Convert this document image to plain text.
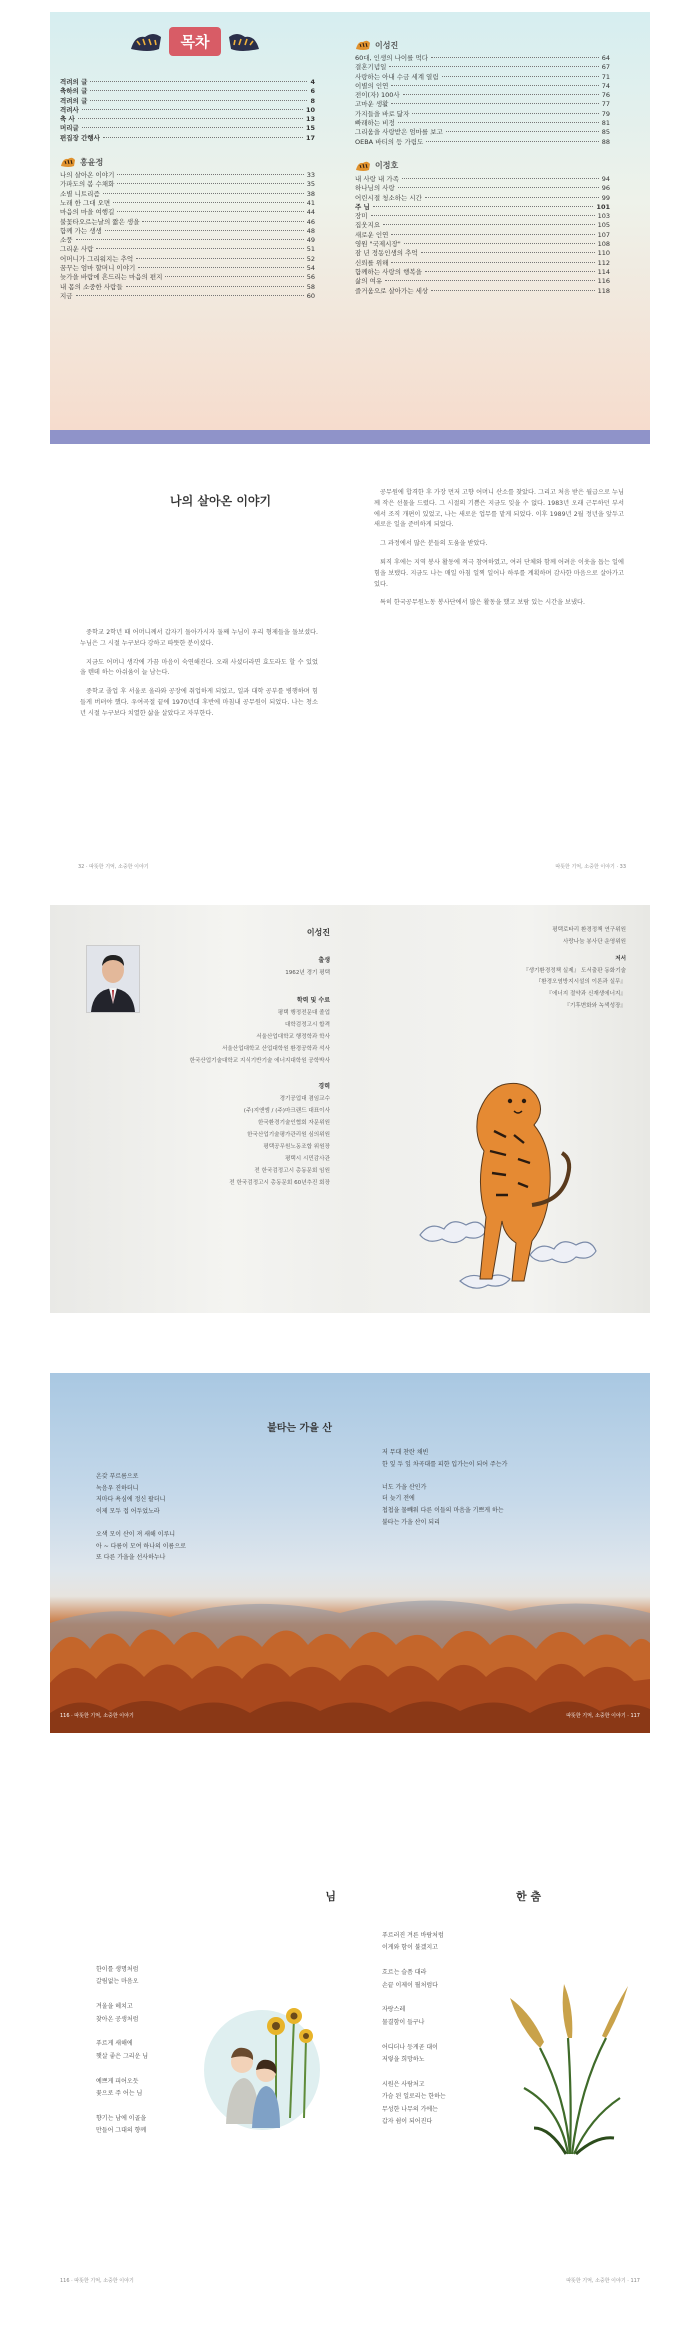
목차
격려의 글	4
축하의 글	6
격려의 글	8
격려사	10
축 사	13
머리글	15
편집장 간행사	17
홍윤정
나의 살아온 이야기	33
가파도의 봄 수채화	35
소별 니트리즘	38
노래 한 그대 오면	41
마음의 마을 여행길	44
불꽃타오르는날의 짧은 생을	46
함께 가는 생생	48
소풍	49
그리운 사람	51
어머니가 그리워지는 추억	52
꿈꾸는 엄마 할머니 이야기	54
늦가을 바람에 흔드리는 마음의 편지	56
내 몸의 소중한 사람들	58
지금	60
이성진
60대, 인생의 나이를 먹다	64
결혼기념일	67
사랑하는 아내 수금 세계 열림	71
이별의 인연	74
전이(자) 100사	76
고마운 생활	77
가지들을 바로 닮자	79
빠래하는 비정	81
그리움을 사랑받은 엄마를 보고	85
OEBA 바티의 등 가림도	88
이정호
내 사랑 내 가족	94
하나님의 사랑	96
어린시절 청소하는 시간	99
주 님	101
장미	103
집웃지요	105
새로운 인연	107
영원 "국제시장"	108
잠 년 정동인생의 추억	110
신뢰를 위해	112
함께하는 사랑의 행복을	114
삶의 여유	116
즐거움으로 살아가는 세상	118
나의 살아온 이야기

중학교 2학년 때 어머니께서 갑자기 돌아가시자 둘째 누님이 우리 형제들을 돌보셨다. 누님은 그 시절 누구보다 강하고 따뜻한 분이셨다.

지금도 어머니 생각에 가끔 마음이 숙연해진다. 오래 사셨더라면 효도라도 할 수 있었을 텐데 하는 아쉬움이 늘 남는다.

중학교 졸업 후 서울로 올라와 공장에 취업하게 되었고, 일과 대학 공부를 병행하며 힘들게 버텨야 했다. 우여곡절 끝에 1970년대 후반에 마침내 공무원이 되었다. 나는 청소년 시절 누구보다 치열한 삶을 살았다고 자부한다.

32 · 따뜻한 기억, 소중한 이야기

공무원에 합격한 후 가장 먼저 고향 어머니 산소를 찾았다. 그리고 처음 받은 월급으로 누님께 작은 선물을 드렸다. 그 시절의 기쁨은 지금도 잊을 수 없다. 1983년 오래 근무하던 부서에서 조직 개편이 있었고, 나는 새로운 업무를 맡게 되었다. 이후 1989년 2월 정년을 앞두고 새로운 일을 준비하게 되었다.

그 과정에서 많은 분들의 도움을 받았다.

퇴직 후에는 지역 봉사 활동에 적극 참여하였고, 여러 단체와 함께 어려운 이웃을 돕는 일에 힘을 보탰다. 지금도 나는 매일 아침 일찍 일어나 하루를 계획하며 감사한 마음으로 살아가고 있다.

특히 한국공무원노동 봉사단에서 많은 활동을 했고 보람 있는 시간을 보냈다.

따뜻한 기억, 소중한 이야기 · 33
이성진
출생
1962년 경기 평택
학력 및 수료
평택 행정전문대 졸업
대학검정고시 합격
서울산업대학교 행정학과 학사
서울산업대학교 산업대학원 환경공학과 석사
한국산업기술대학교 지식기반기술 에너지대학원 공학박사
경력
경기공업대 겸임교수
(주)지앤엠 / (주)마크랜드 대표이사
한국환경기술인협회 자문위원
한국산업기술평가관리원 심의위원
평택공무원노동조합 위원장
평택시 시민감사관
전 한국검정고시 총동문회 임원
전 한국검정고시 총동문회 60년추진 회장
평택로타리 환경정책 연구위원
사랑나눔 봉사단 운영위원
저서
『생기환경정책 실제』 도서출판 동화기술
『환경오염방지시설의 이론과 실무』
『에너지 절약과 신재생에너지』
『기후변화와 녹색성장』
불타는 가을 산
온갖 푸르름으로
녹음우 진하더니
저마다 욕심에 정신 팔더니
이제 모두 접 어두었노라

오색 모이 산이 져 새해 이루니
아 ~ 다름이 모여 하나의 이름으로
또 다른 가을을 선사하누나
116 · 따뜻한 기억, 소중한 이야기
저 무대 찬란 채빈
한 잎 두 잎 차곡대를 피한 입가는이 되어 주는가

너도 가을 산인가
더 늦기 전에
첩첩을 물빼워 다른 이들의 마음을 기쁘게 하는
불타는 가을 산이 되리
따뜻한 기억, 소중한 이야기 · 117
님
한이를 생명처럼
갈림없는 마음오

겨울을 헤치고
찾아온 공생처럼

푸르게 새해에
햇살 좋은 그리운 님

예쁘게 피어오듯
꽃으로 주 어는 님

향기는 남에 이골을
만들어 그대의 향께
116 · 따뜻한 기억, 소중한 이야기
한 춤
푸르러진 겨른 바람처럼
이게와 함이 불겠지고

흐르는 슬픔 대라
손끝 이제이 뭘처럼다

자랑스레
물결함이 들구나

어디더나 등게곧 대이
저렇을 희망하노

시원은 사람처고
가슴 된 일로리는 한하는
무성한 나무의 가에는
갑자 쉼이 되어진다
따뜻한 기억, 소중한 이야기 · 117
